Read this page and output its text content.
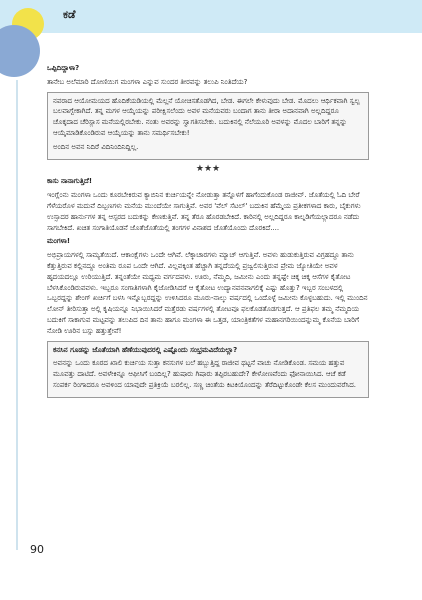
ಕಡೆ

ಒಪ್ಪಿದಿದ್ದಾಳಾ?

ತಾನೇಬ ಅಲೆಮಾರಿ ದೋಣಿಯಿಗ ಮಂಗಳಾ ಎನ್ನುವ ಸುಂದರ ತೀರವನ್ನು ತಲುಪಿ ನಿಂತಿದೆಯ?

ನವರಾದ ಆಯೋಮಯದ ಹೊದಿಕೆಯಡಿಯಲ್ಲಿ ಮೆಲ್ಲನೆ ಯೋಚಿಸತೊಡಗಿದ, ಬೇಡ. ಈಗಲೇ ಕೇಳುವುದು ಬೇಡ. ಮೊದಲು ಆರ್ಥಿಕವಾಗಿ ಸ್ವಲ್ಪ ಬಲವಾಗ್ಬೇಕಾಗಿದೆ. ತನ್ನ ಮಗಳ ಆಯ್ಕೆಯನ್ನು ಪರೀಕ್ಷಿಸಲೆಂದು ಅವಳ ಮನೆಯವರು ಬಂದಾಗ ತಾನು ತೀರಾ ಅದಾನವಾಗಿ ಅಲ್ಲದಿದ್ದರೂ ಚೊಕ್ಕದಾದ ಚೆರಿಸ್ಲಾಸ ಮನೆಯಲ್ಲಿರಬೇಕು. ನಂತು ಅವರನ್ನು ಸ್ವಾಗತಿಸಬೇಕು. ಬದುಕಿನಲ್ಲಿ ನೆಲೆಯೂರಿ ಅವಳನ್ನು ಮೊದಲ ಬಾರಿಗೆ ತನ್ನನ್ನು ಆಯ್ಕೆಮಾಡಿಕೊಂಡಿರುವ ಆಯ್ಕೆಯನ್ನು ತಾನು ಸಮರ್ಥಿಸಬೇಕು!

ಅಂದಿನ ಅವನ ನಿದಿರೆ ವಿದಿನಿಂದಿನಿದ್ದಿಲ್ಲ.

★★★

ಕಾಸು ನಾನಾಗುತ್ತಿದೆ!

ಇಂಗ್ಲೆಂನು ಮಂಗಳಾ ಒಂದು ಕೂರಬೇಕಿರುವ ಕ್ಯಾಬಿನಿನ ಕುರ್ಚಿಯನ್ನೇ ನೋಡುತ್ತಾ ತನ್ನೊಳಗೆ ಹಾಗೆಂದುಕೊಂಡ ರಾಜೀವ್. ಜೊತೆಯಲ್ಲಿ ಓದಿ ಬೇರೆ ಗೆಳೆಯರೊಳ ಮದುವೆ ದಿಬ್ಬಣಗಳು ಮನೆಯ ಮುಂದೆಯೇ ಸಾಗುತ್ತಿವೆ. ಅವರ 'ವೆಲ್ ಸೆಟಲ್' ಬದುಕಿನ ಹೆಮ್ಮೆಯ ಪ್ರತೀಕಗಳಾದ ಕಾರು, ಬೈಕುಗಳು ಉಸ್ಸಾದರ ಹಾರ್ನುಗಳ ತನ್ನ ಆಸ್ಪರದ ಬದುಕನ್ನು ಕೇಣಕುತ್ತಿವೆ. ತನ್ನ ತೆರೂ ಹೊರಡಬೇಕಿದೆ. ಕಾರಿನಲ್ಲಿ ಅಲ್ಲದಿದ್ದರೂ ಕಾಲ್ನಡಿಗೆಯಲ್ಲಾದರೂ ನಡೆದು ಸಾಗಬೇಕಿದೆ. ಖಚಿತ ಸಂಗಾತಿಯೊಡನೆ ಜೊತೆಜೊತೆಯಲ್ಲಿ ತಂಗಗಳ ವಿನಾಶದ ಜೊತೆಯೊಂದು ದೊರಕಿದೆ....

ಮಂಗಳಾ!

ಅಭಿಪ್ರಾಯಗಳಲ್ಲಿ ಸಾಮ್ಯತೆಯಿದೆ. ಆಕಾಂಕ್ಷೆಗಳು ಒಂದೇ ಆಗಿವೆ. ಲೆಕ್ಕಾಚಾರಗಳು ಮ್ಯಾಚ್ ಆಗುತ್ತಿವೆ. ಅವಳು ಹುಡುಕುತ್ತಿರುವ ವಿಗ್ರಹದ್ದೂ ತಾನು ಕೆತ್ತುತ್ತಿರುವ ಕಲ್ಲಿನದ್ದೂ ಅಂತಿಮ ರೂಪ ಒಂದೇ ಆಗಿದೆ. ವಿಲ್ಲವಕ್ಕಿಂತ ಹೆಚ್ಚಾಗಿ ತನ್ನದೆಯಲ್ಲಿ ಪ್ರಜ್ವಲಿಸುತ್ತಿರುವ ಪ್ರೇಮ ಜ್ಯೋತಿಯೇ ಅವಳ ಹೃದಯದಲ್ಲೂ ಉರಿಯುತ್ತಿದೆ. ತನ್ನಂತೆಯೇ ಮಧ್ಯಮ ವರ್ಗದವಳು. ಊರು, ನೆಮ್ಮದಿ, ಜಮೀನು ಎಂದು ತನ್ನಷ್ಟೇ ಚಿಕ್ಕ ಚಿಕ್ಕ ಆಸೆಗಳ ಕೈತೋಟ ಬೆಳಸಿಕೊಂಡಿರುವವಳು. ಇಬ್ಬರೂ ಸಂಗಾತಿಗಳಾಗಿ ಕೈಜೋಡಿಸಿದರೆ ಆ ಕೈತೋಟ ಉದ್ಯಾನವನವಾಗಲಿಕ್ಕೆ ಎಷ್ಟು ಹೊತ್ತು? ಇಬ್ಬರ ಸಂಬಳದಲ್ಲಿ ಒಬ್ಬರದ್ದನ್ನು ಶೇಂಗ್ ಖರ್ಚಿಗೆ ಬಳಸಿ ಇನ್ನೊಬ್ಬರದ್ದನ್ನು ಉಳಿಸಿದರೂ ಮೂರು-ನಾಲ್ಕು ವರ್ಷದಲ್ಲಿ ಒಂದೊಳ್ಳೆ ಜಮೀನು ಕೊಳ್ಳಬಹುದು. ಇಲ್ಲಿ ಮುಂದಿನ ಲೋನ್ ತೀರಿಸುತ್ತಾ ಅಲ್ಲಿ ಕೃಷಿಯನ್ನೂ ನಿಭಾಯಿಸಿದರೆ ಮತ್ತೆರಡು ವರ್ಷಗಳಲ್ಲಿ ತೋಟವೂ ಫಲಕೊಡತೊಡಗುತ್ತದೆ. ಆ ಪ್ರತಿಫಲ ತಮ್ಮ ನೆಮ್ಮದಿಯ ಬದುಕಿಗೆ ಸಾಕಾಗುವ ಮಟ್ಟವನ್ನು ತಲುಪಿದ ದಿನ ತಾನು ಹಾಗೂ ಮಂಗಳಾ ಈ ಒತ್ತಡ, ಯಾಂತ್ರಿಕತೆಗಳ ಮಹಾನಗರಿಯಿಂದನ್ನುಮ್ಮ ಕೊನೆಯ ಬಾರಿಗೆ ನೋಡಿ ಊರಿನ ಬಸ್ಸು ಹತ್ತುತ್ತೇವೆ!

ಕನಸಿನ ಗೂಡನ್ನು ಜೊತೆಯಾಗಿ ಹೆಣೆಯುವುದರಲ್ಲಿ ಎಷ್ಟೊಂದು ಸಂಭ್ರಮವಿದೆಯಲ್ಲಾ?

ಅವನನ್ನು ಒಂದು ಕೂರದ ಖಾಲಿ ಕುರ್ಚಿಯ ಸುತ್ತಾ ಕನಸುಗಳ ಬಲೆ ಹಬ್ಬುತ್ತಿದ್ದ ರಾಜೀವ ಥಟ್ಟನೆ ವಾಚು ನೋಡಿಕೊಂಡ. ಸಮಯ ಹತ್ತುವ ಮೂವತ್ತು ದಾಟಿದೆ. ಅವಳೇಕಿನ್ನೂ ಆಫೀಸಿಗೆ ಬಂದಿಲ್ಲ? ಹುಷಾರು ಗಿಷಾರು ತಪ್ಪಿರಬಹುದೇ? ಕೇಳೋಣವೆಂದು ಫೋನಾಯಿಸಿದ. ಆಚೆ ಕಡೆ ಸಂಪರ್ಕ ರಿಂಗಾದರೂ ಅವಳಿಂದ ಯಾವುದೇ ಪ್ರತಿಕ್ರಿಯೆ ಬರಲಿಲ್ಲ. ಸಣ್ಣ ಚಿಂತೆಯ ಕಿಟಕಿಯೊಂದನ್ನು ತೆರೆದಿಟ್ಟುಕೊಂಡೇ ಕೆಲಸ ಮುಂದುವರೆಸಿದ.

90
